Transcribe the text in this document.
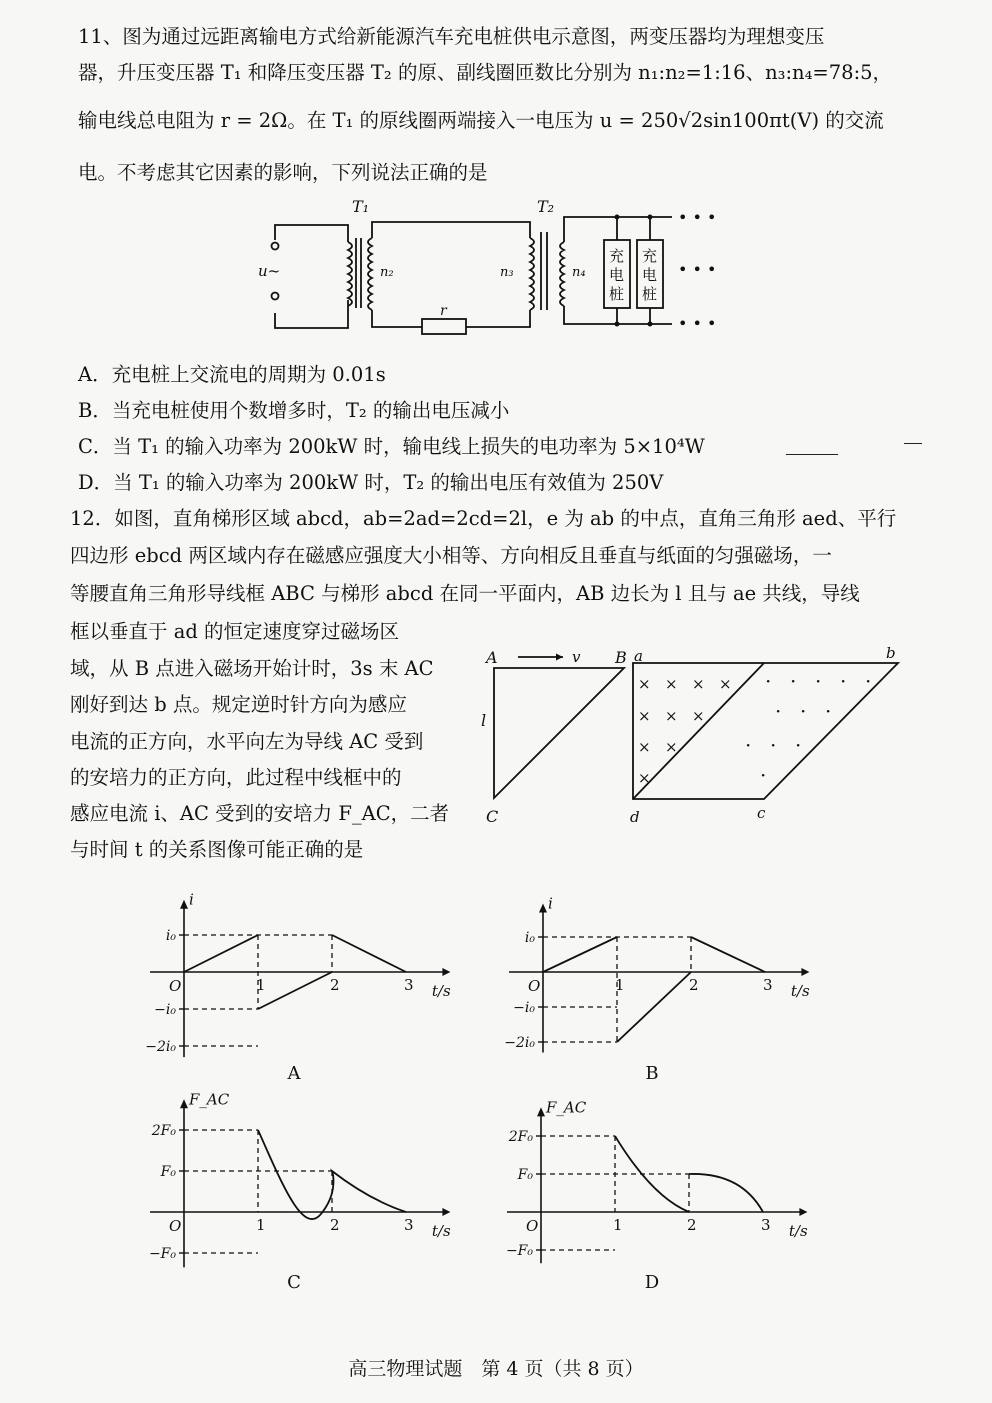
11、图为通过远距离输电方式给新能源汽车充电桩供电示意图，两变压器均为理想变压
器，升压变压器 T₁ 和降压变压器 T₂ 的原、副线圈匝数比分别为 n₁:n₂=1:16、n₃:n₄=78:5，
输电线总电阻为 r = 2Ω。在 T₁ 的原线圈两端接入一电压为 u = 250√2sin100πt(V) 的交流
电。不考虑其它因素的影响，下列说法正确的是
T₁	T₂
u~	n₂	n₃	n₄
r
充
电
桩
充
电
桩
• • •
• • •
• • •
A．充电桩上交流电的周期为 0.01s
B．当充电桩使用个数增多时，T₂ 的输出电压减小
C．当 T₁ 的输入功率为 200kW 时，输电线上损失的电功率为 5×10⁴W
D．当 T₁ 的输入功率为 200kW 时，T₂ 的输出电压有效值为 250V
12．如图，直角梯形区域 abcd，ab=2ad=2cd=2l，e 为 ab 的中点，直角三角形 aed、平行
四边形 ebcd 两区域内存在磁感应强度大小相等、方向相反且垂直与纸面的匀强磁场，一
等腰直角三角形导线框 ABC 与梯形 abcd 在同一平面内，AB 边长为 l 且与 ae 共线，导线
框以垂直于 ad 的恒定速度穿过磁场区
域，从 B 点进入磁场开始计时，3s 末 AC
刚好到达 b 点。规定逆时针方向为感应
电流的正方向，水平向左为导线 AC 受到
的安培力的正方向，此过程中线框中的
感应电流 i、AC 受到的安培力 F_AC，二者
与时间 t 的关系图像可能正确的是
A	v B
l
C
a	b
c
d
× × × ×
× × ×
× ×
×
· · · · ·
· · ·
· · ·
·
i
t/s
O	1	2	3
i₀
−i₀
−2i₀
A
i
t/s
O	1	2	3
i₀
−i₀
−2i₀
B
F_AC
t/s
O	1	2	3
2F₀
F₀
−F₀
C
F_AC
t/s
O	1	2	3
2F₀
F₀
−F₀
D
高三物理试题　第 4 页（共 8 页）
